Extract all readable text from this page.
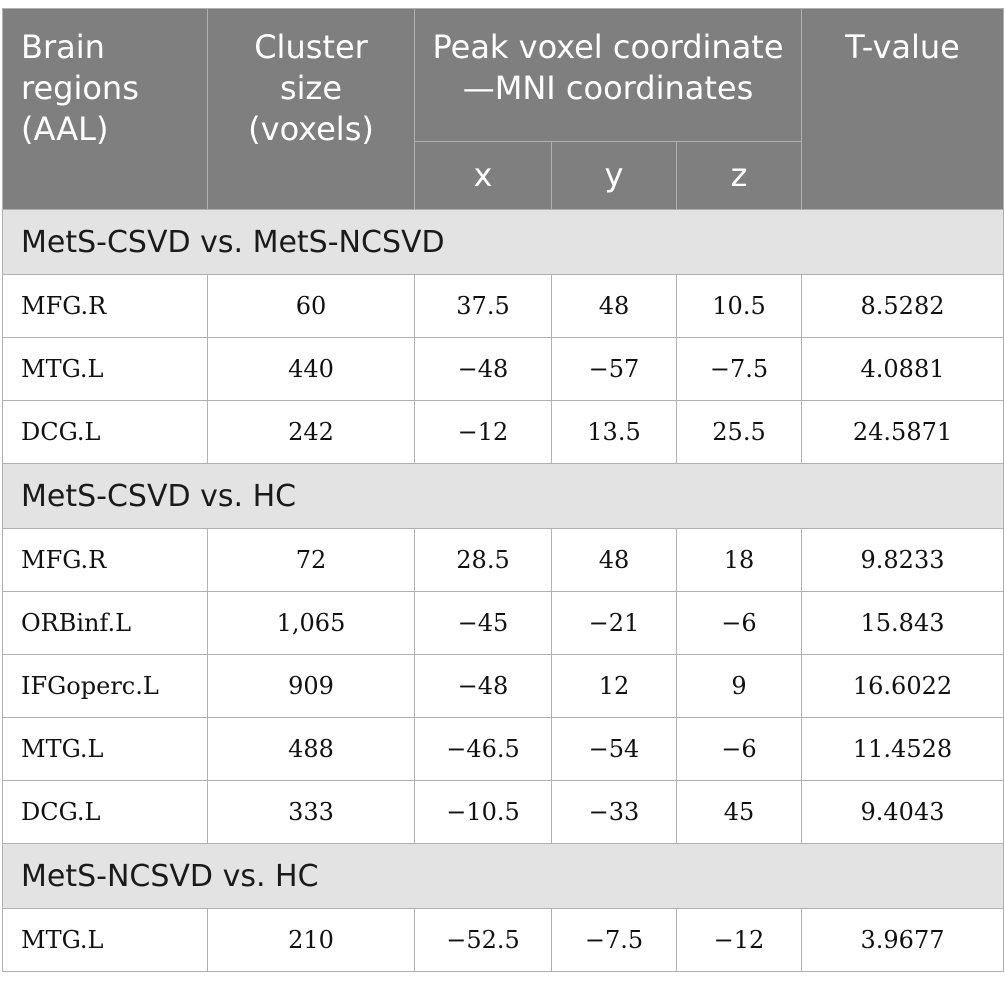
Brain regions (AAL)	Cluster size (voxels)	Peak voxel coordinate—MNI coordinates			T-value
		x	y	z	
MetS-CSVD vs. MetS-NCSVD					
MFG.R	60	37.5	48	10.5	8.5282
MTG.L	440	−48	−57	−7.5	4.0881
DCG.L	242	−12	13.5	25.5	24.5871
MetS-CSVD vs. HC					
MFG.R	72	28.5	48	18	9.8233
ORBinf.L	1,065	−45	−21	−6	15.843
IFGoperc.L	909	−48	12	9	16.6022
MTG.L	488	−46.5	−54	−6	11.4528
DCG.L	333	−10.5	−33	45	9.4043
MetS-NCSVD vs. HC					
MTG.L	210	−52.5	−7.5	−12	3.9677
